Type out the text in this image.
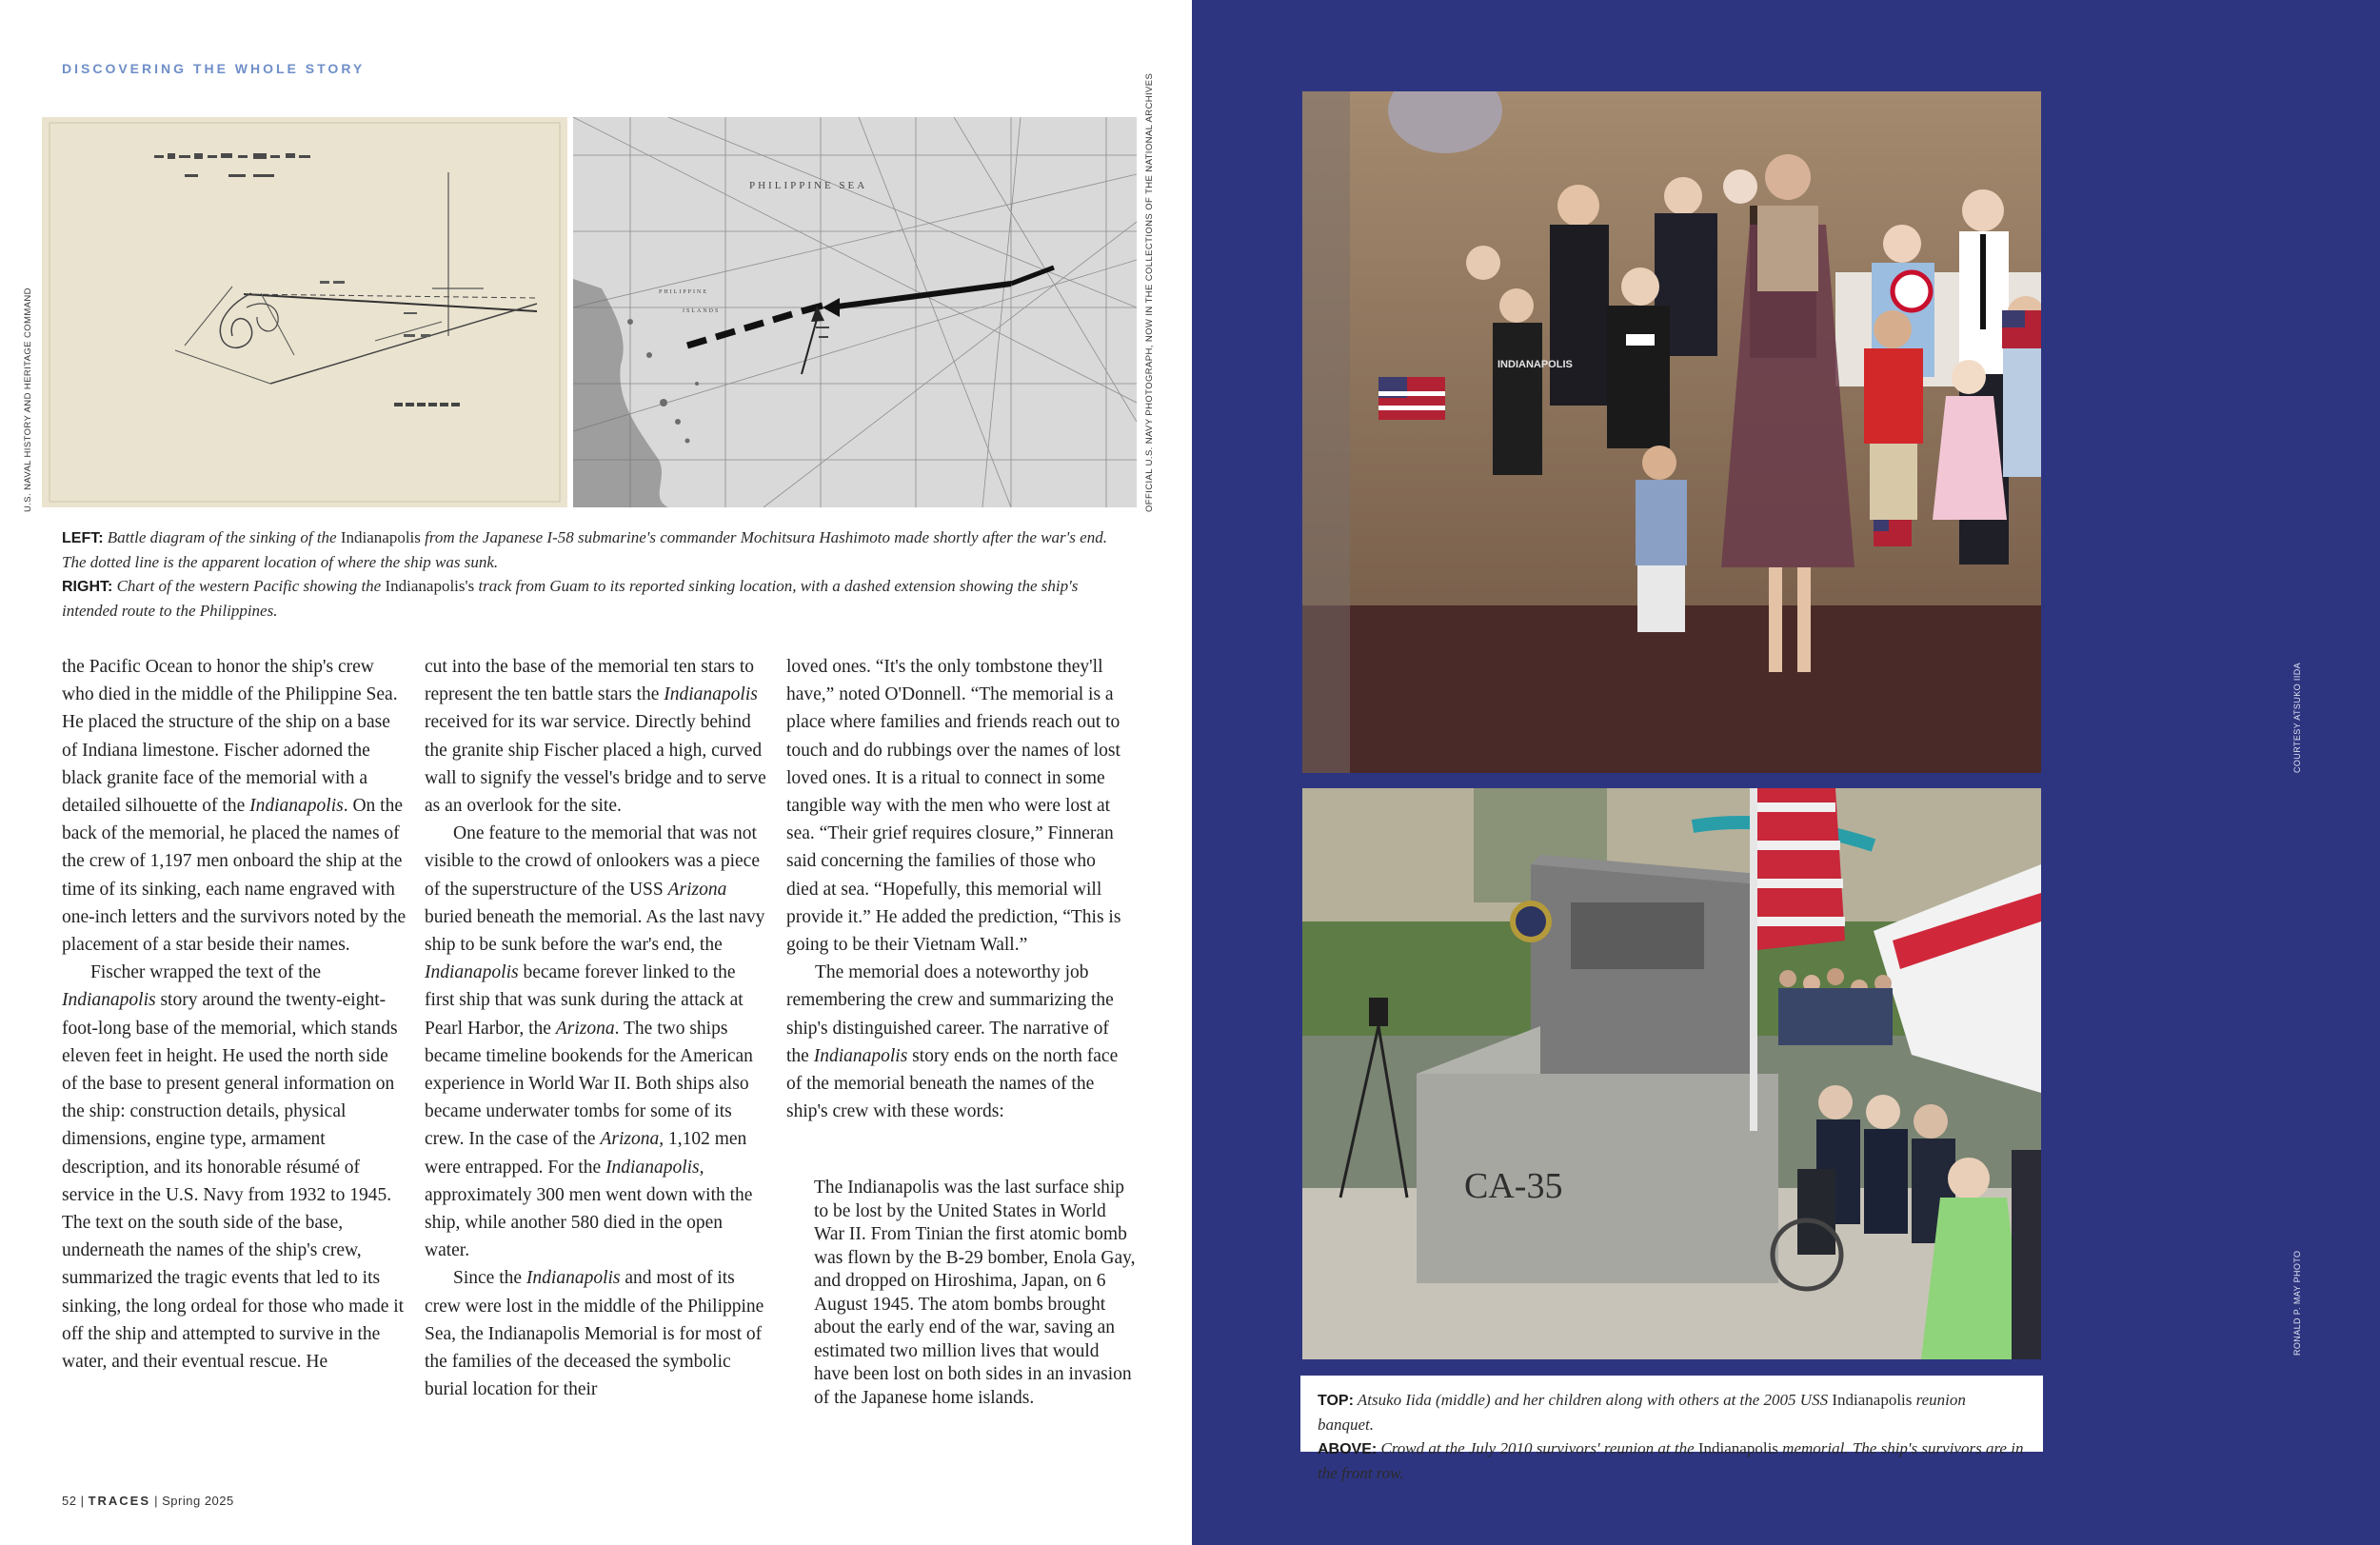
DISCOVERING THE WHOLE STORY
U.S. NAVAL HISTORY AND HERITAGE COMMAND
PHILIPPINE SEA
PHILIPPINE
ISLANDS	OFFICIAL U.S. NAVY PHOTOGRAPH, NOW IN THE COLLECTIONS OF THE NATIONAL ARCHIVES
LEFT: Battle diagram of the sinking of the Indianapolis from the Japanese I-58 submarine's commander Mochitsura Hashimoto made shortly after the war's end. The dotted line is the apparent location of where the ship was sunk.
RIGHT: Chart of the western Pacific showing the Indianapolis's track from Guam to its reported sinking location, with a dashed extension showing the ship's intended route to the Philippines.

the Pacific Ocean to honor the ship's crew who died in the middle of the Philippine Sea. He placed the structure of the ship on a base of Indiana limestone. Fischer adorned the black granite face of the memorial with a detailed silhouette of the Indianapolis. On the back of the memorial, he placed the names of the crew of 1,197 men onboard the ship at the time of its sinking, each name engraved with one-inch letters and the survivors noted by the placement of a star beside their names.

Fischer wrapped the text of the Indianapolis story around the twenty-eight-foot-long base of the memorial, which stands eleven feet in height. He used the north side of the base to present general information on the ship: construction details, physical dimensions, engine type, armament description, and its honorable résumé of service in the U.S. Navy from 1932 to 1945. The text on the south side of the base, underneath the names of the ship's crew, summarized the tragic events that led to its sinking, the long ordeal for those who made it off the ship and attempted to survive in the water, and their eventual rescue. He

cut into the base of the memorial ten stars to represent the ten battle stars the Indianapolis received for its war service. Directly behind the granite ship Fischer placed a high, curved wall to signify the vessel's bridge and to serve as an overlook for the site.

One feature to the memorial that was not visible to the crowd of onlookers was a piece of the superstructure of the USS Arizona buried beneath the memorial. As the last navy ship to be sunk before the war's end, the Indianapolis became forever linked to the first ship that was sunk during the attack at Pearl Harbor, the Arizona. The two ships became timeline bookends for the American experience in World War II. Both ships also became underwater tombs for some of its crew. In the case of the Arizona, 1,102 men were entrapped. For the Indianapolis, approximately 300 men went down with the ship, while another 580 died in the open water.

Since the Indianapolis and most of its crew were lost in the middle of the Philippine Sea, the Indianapolis Memorial is for most of the families of the deceased the symbolic burial location for their

loved ones. “It's the only tombstone they'll have,” noted O'Donnell. “The memorial is a place where families and friends reach out to touch and do rubbings over the names of lost loved ones. It is a ritual to connect in some tangible way with the men who were lost at sea. “Their grief requires closure,” Finneran said concerning the families of those who died at sea. “Hopefully, this memorial will provide it.” He added the prediction, “This is going to be their Vietnam Wall.”

The memorial does a noteworthy job remembering the crew and summarizing the ship's distinguished career. The narrative of the Indianapolis story ends on the north face of the memorial beneath the names of the ship's crew with these words:

The Indianapolis was the last surface ship to be lost by the United States in World War II. From Tinian the first atomic bomb was flown by the B-29 bomber, Enola Gay, and dropped on Hiroshima, Japan, on 6 August 1945. The atom bombs brought about the early end of the war, saving an estimated two million lives that would have been lost on both sides in an invasion of the Japanese home islands.
52 | TRACES | Spring 2025
INDIANAPOLIS
COURTESY ATSUKO IIDA
CA-35
RONALD P. MAY PHOTO
TOP: Atsuko Iida (middle) and her children along with others at the 2005 USS Indianapolis reunion banquet.
ABOVE: Crowd at the July 2010 survivors' reunion at the Indianapolis memorial. The ship's survivors are in the front row.
